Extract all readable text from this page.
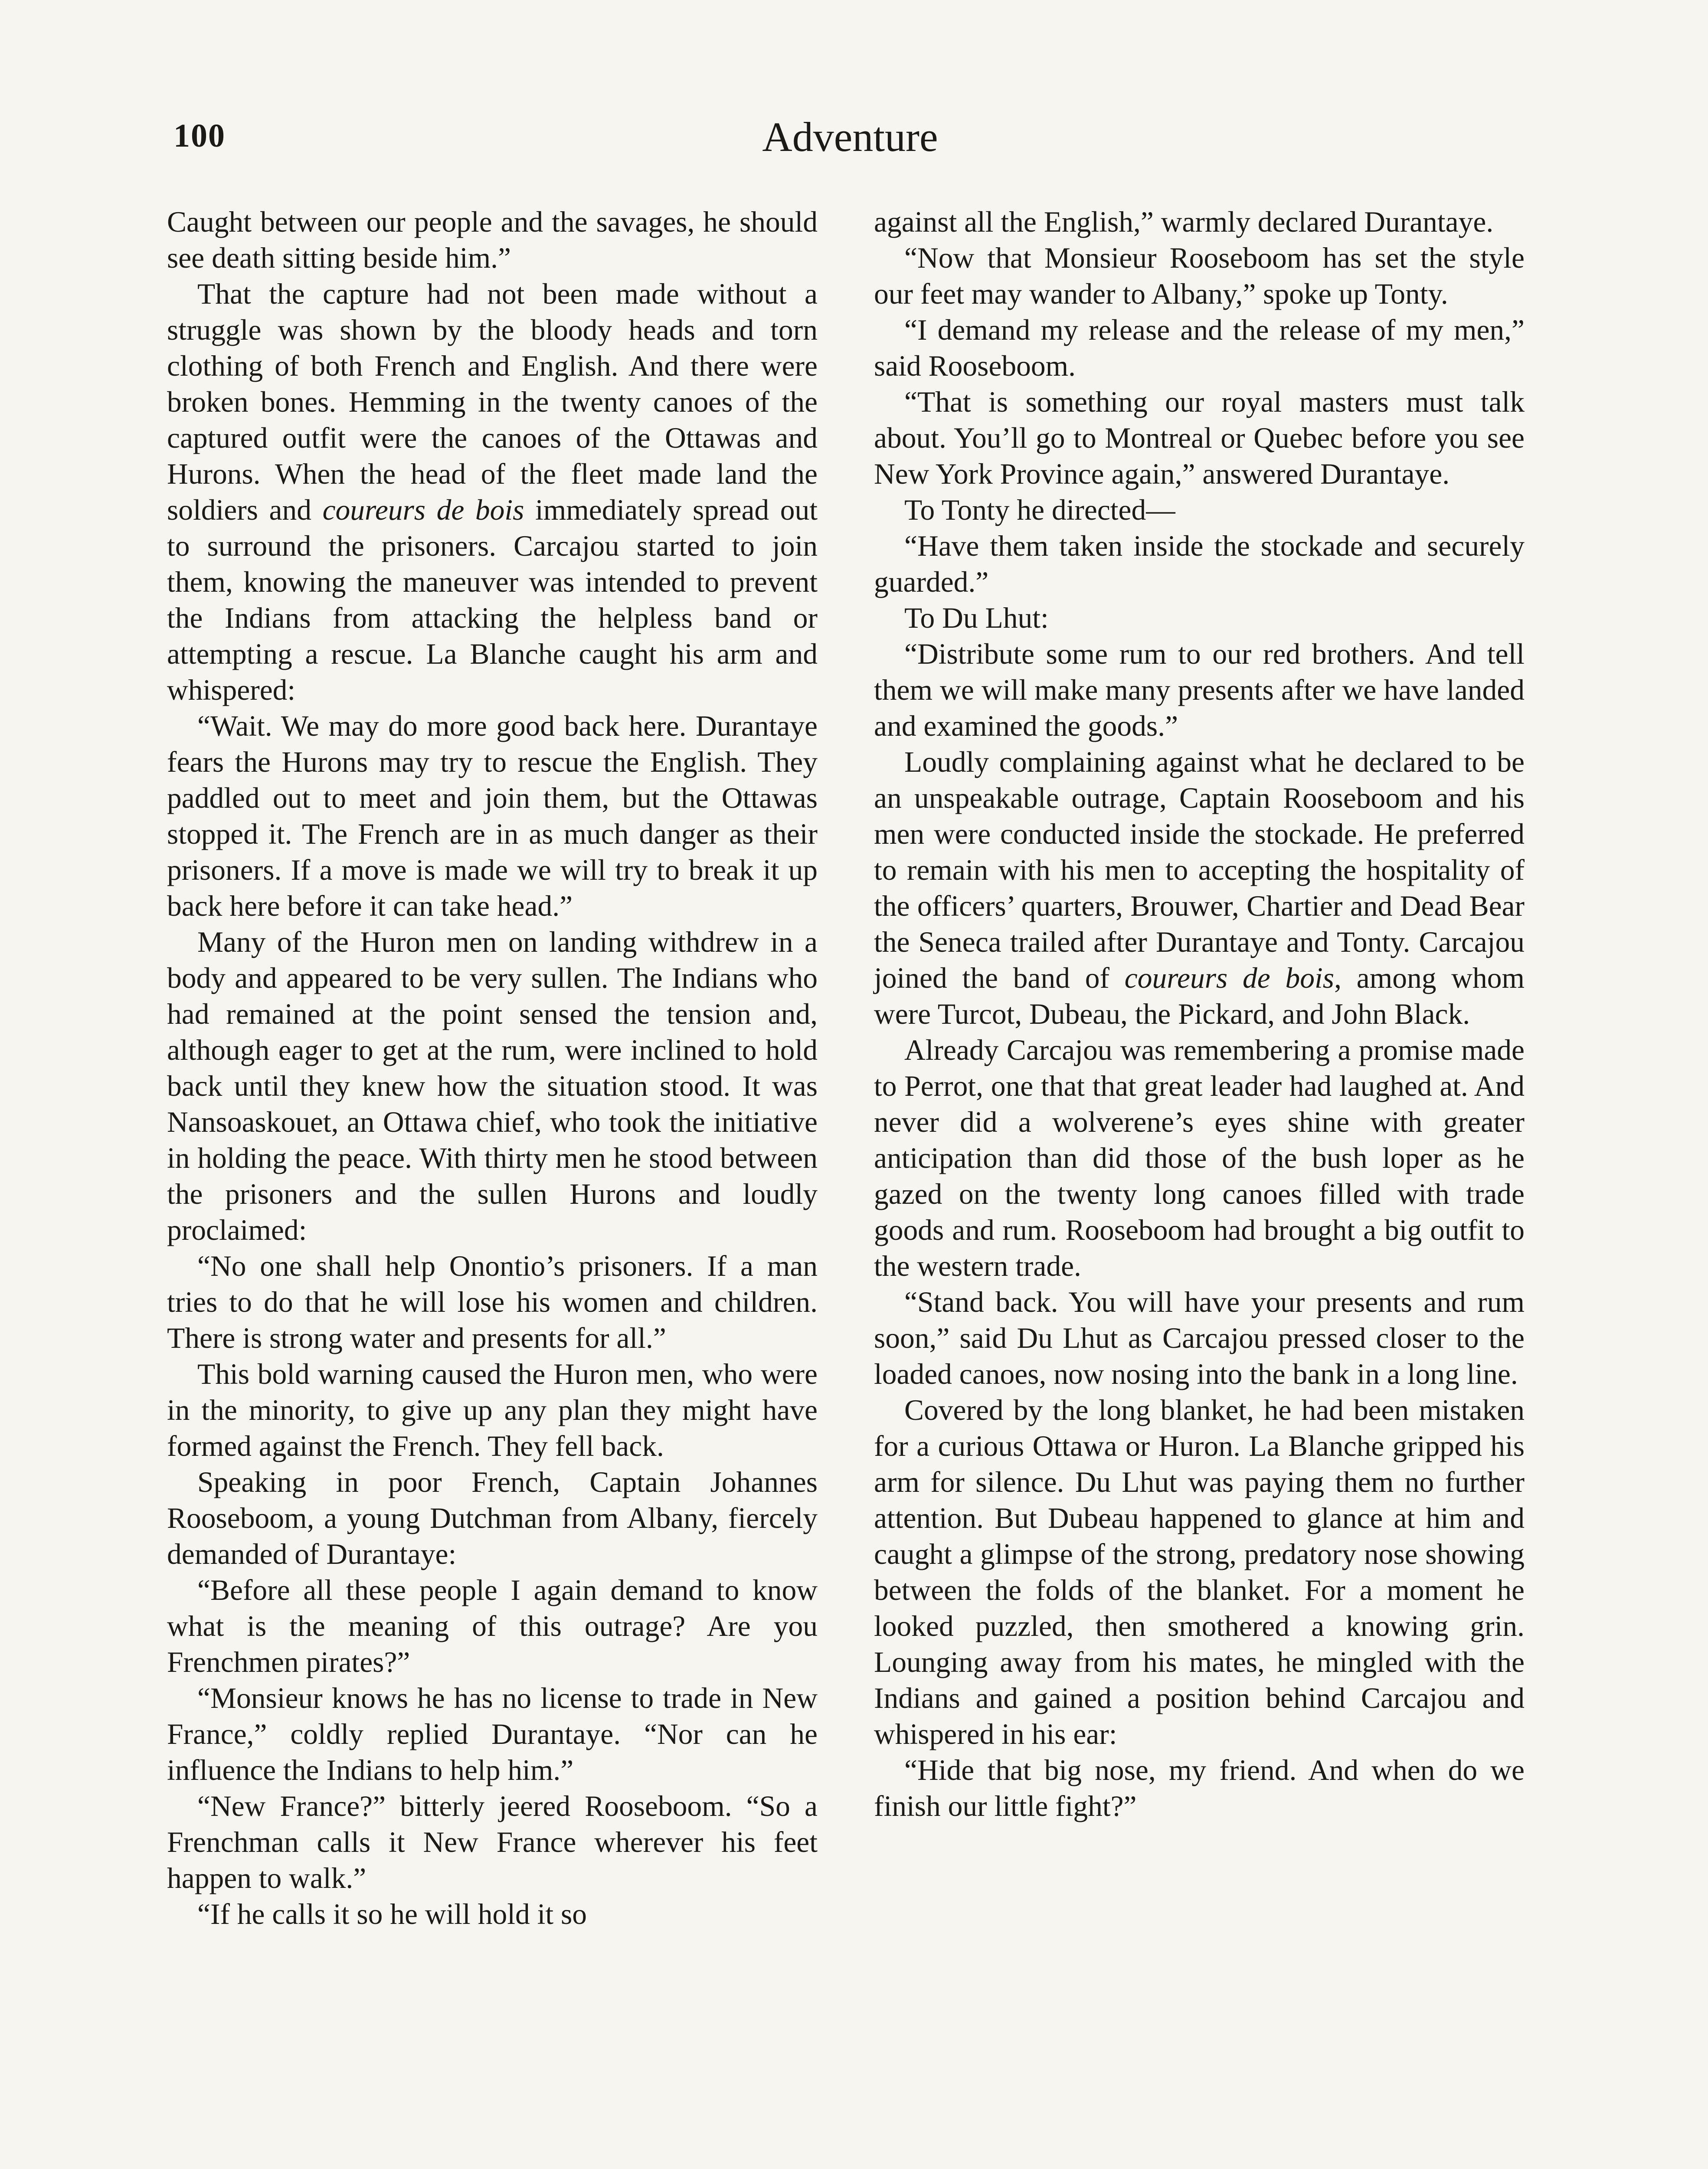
100	Adventure

Caught between our people and the savages, he should see death sitting beside him.”

That the capture had not been made without a struggle was shown by the bloody heads and torn clothing of both French and English. And there were broken bones. Hemming in the twenty canoes of the captured outfit were the canoes of the Ottawas and Hurons. When the head of the fleet made land the soldiers and coureurs de bois immediately spread out to surround the prisoners. Carcajou started to join them, knowing the maneuver was intended to prevent the Indians from attacking the helpless band or attempting a rescue. La Blanche caught his arm and whispered:

“Wait. We may do more good back here. Durantaye fears the Hurons may try to rescue the English. They paddled out to meet and join them, but the Ottawas stopped it. The French are in as much danger as their prisoners. If a move is made we will try to break it up back here before it can take head.”

Many of the Huron men on landing withdrew in a body and appeared to be very sullen. The Indians who had remained at the point sensed the tension and, although eager to get at the rum, were inclined to hold back until they knew how the situation stood. It was Nansoaskouet, an Ottawa chief, who took the initiative in holding the peace. With thirty men he stood between the prisoners and the sullen Hurons and loudly proclaimed:

“No one shall help Onontio’s prisoners. If a man tries to do that he will lose his women and children. There is strong water and presents for all.”

This bold warning caused the Huron men, who were in the minority, to give up any plan they might have formed against the French. They fell back.

Speaking in poor French, Captain Johannes Rooseboom, a young Dutchman from Albany, fiercely demanded of Durantaye:

“Before all these people I again demand to know what is the meaning of this outrage? Are you Frenchmen pirates?”

“Monsieur knows he has no license to trade in New France,” coldly replied Durantaye. “Nor can he influence the Indians to help him.”

“New France?” bitterly jeered Rooseboom. “So a Frenchman calls it New France wherever his feet happen to walk.”

“If he calls it so he will hold it so

against all the English,” warmly declared Durantaye.

“Now that Monsieur Rooseboom has set the style our feet may wander to Albany,” spoke up Tonty.

“I demand my release and the release of my men,” said Rooseboom.

“That is something our royal masters must talk about. You’ll go to Montreal or Quebec before you see New York Province again,” answered Durantaye.

To Tonty he directed—

“Have them taken inside the stockade and securely guarded.”

To Du Lhut:

“Distribute some rum to our red brothers. And tell them we will make many presents after we have landed and examined the goods.”

Loudly complaining against what he declared to be an unspeakable outrage, Captain Rooseboom and his men were conducted inside the stockade. He preferred to remain with his men to accepting the hospitality of the officers’ quarters, Brouwer, Chartier and Dead Bear the Seneca trailed after Durantaye and Tonty. Carcajou joined the band of coureurs de bois, among whom were Turcot, Dubeau, the Pickard, and John Black.

Already Carcajou was remembering a promise made to Perrot, one that that great leader had laughed at. And never did a wolverene’s eyes shine with greater anticipation than did those of the bush loper as he gazed on the twenty long canoes filled with trade goods and rum. Rooseboom had brought a big outfit to the western trade.

“Stand back. You will have your presents and rum soon,” said Du Lhut as Carcajou pressed closer to the loaded canoes, now nosing into the bank in a long line.

Covered by the long blanket, he had been mistaken for a curious Ottawa or Huron. La Blanche gripped his arm for silence. Du Lhut was paying them no further attention. But Dubeau happened to glance at him and caught a glimpse of the strong, predatory nose showing between the folds of the blanket. For a moment he looked puzzled, then smothered a knowing grin. Lounging away from his mates, he mingled with the Indians and gained a position behind Carcajou and whispered in his ear:

“Hide that big nose, my friend. And when do we finish our little fight?”
